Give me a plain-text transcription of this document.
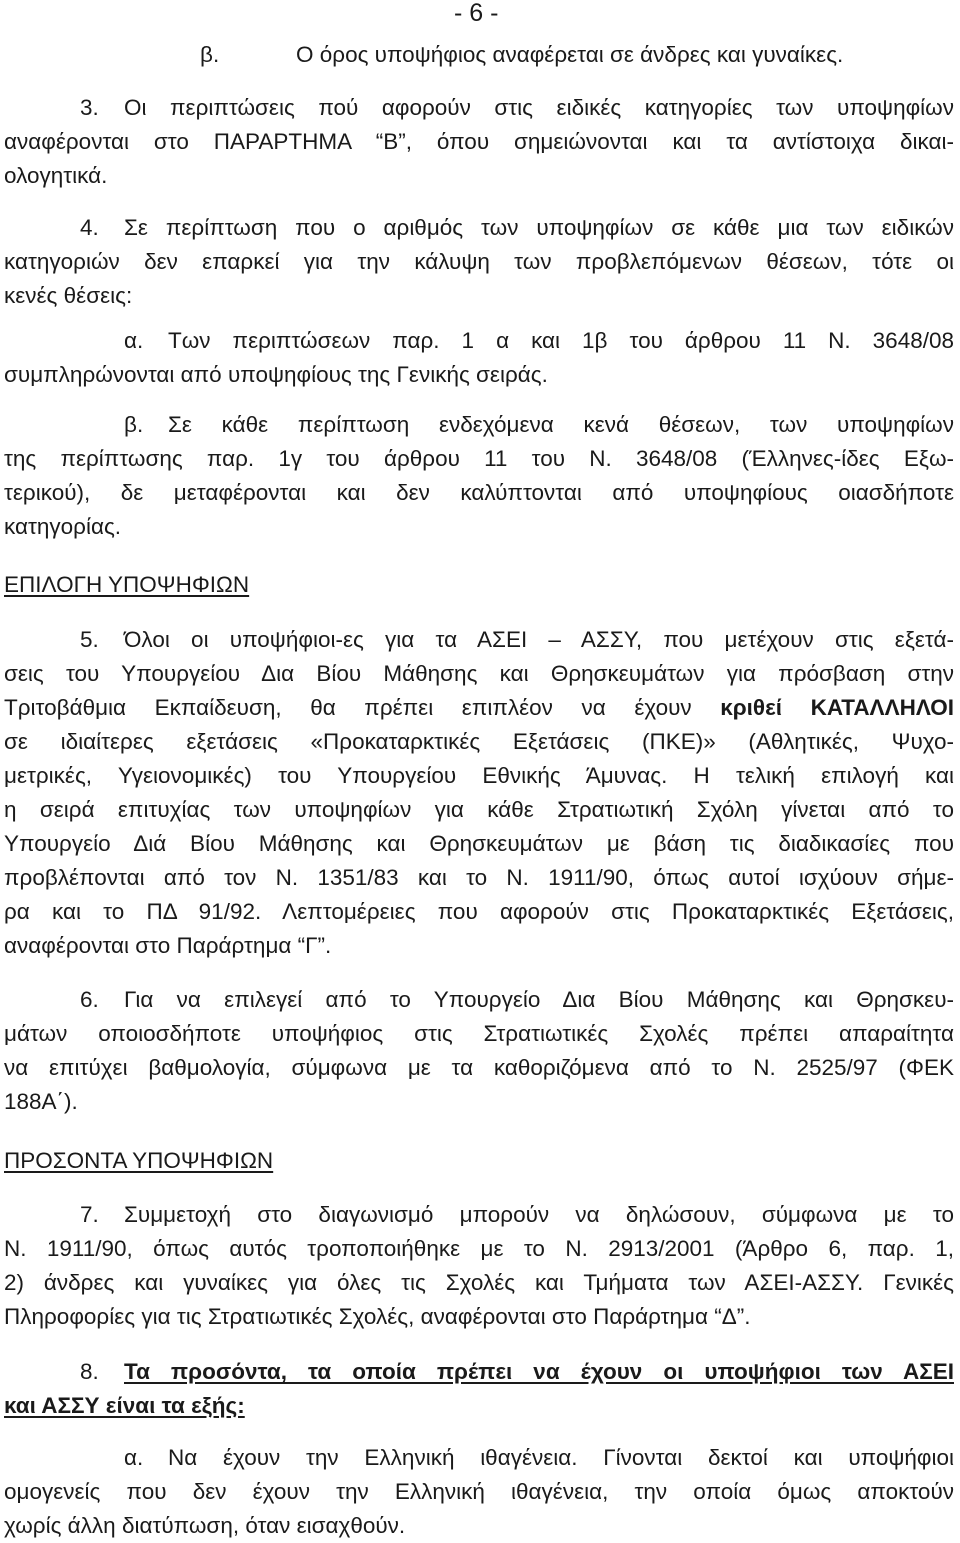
- 6 -
β.	Ο όρος υποψήφιος αναφέρεται σε άνδρες και γυναίκες.
3. Οι περιπτώσεις πού αφορούν στις ειδικές κατηγορίες των υποψηφίων
αναφέρονται στο ΠΑΡΑΡΤΗΜΑ “Β”, όπου σημειώνονται και τα αντίστοιχα δικαι-
ολογητικά.
4. Σε περίπτωση που ο αριθμός των υποψηφίων σε κάθε μια των ειδικών
κατηγοριών δεν επαρκεί για την κάλυψη των προβλεπόμενων θέσεων, τότε οι
κενές θέσεις:
α. Των περιπτώσεων παρ. 1 α και 1β του άρθρου 11 Ν. 3648/08
συμπληρώνονται από υποψηφίους της Γενικής σειράς.
β. Σε κάθε περίπτωση ενδεχόμενα κενά θέσεων, των υποψηφίων
της περίπτωσης παρ. 1γ του άρθρου 11 του Ν. 3648/08 (Έλληνες-ίδες Εξω-
τερικού), δε μεταφέρονται και δεν καλύπτονται από υποψηφίους οιασδήποτε
κατηγορίας.
ΕΠΙΛΟΓΗ ΥΠΟΨΗΦΙΩΝ
5. Όλοι οι υποψήφιοι-ες για τα ΑΣΕΙ – ΑΣΣΥ, που μετέχουν στις εξετά-
σεις του Υπουργείου Δια Βίου Μάθησης και Θρησκευμάτων για πρόσβαση στην
Τριτοβάθμια Εκπαίδευση, θα πρέπει επιπλέον να έχουν κριθεί ΚΑΤΑΛΛΗΛΟΙ
σε ιδιαίτερες εξετάσεις «Προκαταρκτικές Εξετάσεις (ΠΚΕ)» (Αθλητικές, Ψυχο-
μετρικές, Υγειονομικές) του Υπουργείου Εθνικής Άμυνας. Η τελική επιλογή και
η σειρά επιτυχίας των υποψηφίων για κάθε Στρατιωτική Σχόλη γίνεται από το
Υπουργείο Διά Βίου Μάθησης και Θρησκευμάτων με βάση τις διαδικασίες που
προβλέπονται από τον Ν. 1351/83 και το Ν. 1911/90, όπως αυτοί ισχύουν σήμε-
ρα και το ΠΔ 91/92. Λεπτομέρειες που αφορούν στις Προκαταρκτικές Εξετάσεις,
αναφέρονται στο Παράρτημα “Γ”.
6. Για να επιλεγεί από το Υπουργείο Δια Βίου Μάθησης και Θρησκευ-
μάτων οποιοσδήποτε υποψήφιος στις Στρατιωτικές Σχολές πρέπει απαραίτητα
να επιτύχει βαθμολογία, σύμφωνα με τα καθοριζόμενα από το Ν. 2525/97 (ΦΕΚ
188Α΄).
ΠΡΟΣΟΝΤΑ ΥΠΟΨΗΦΙΩΝ
7. Συμμετοχή στο διαγωνισμό μπορούν να δηλώσουν, σύμφωνα με το
Ν. 1911/90, όπως αυτός τροποποιήθηκε με το Ν. 2913/2001 (Άρθρο 6, παρ. 1,
2) άνδρες και γυναίκες για όλες τις Σχολές και Τμήματα των ΑΣΕΙ-ΑΣΣΥ. Γενικές
Πληροφορίες για τις Στρατιωτικές Σχολές, αναφέρονται στο Παράρτημα “Δ”.
8. Τα προσόντα, τα οποία πρέπει να έχουν οι υποψήφιοι των ΑΣΕΙ
και ΑΣΣΥ είναι τα εξής:
α. Να έχουν την Ελληνική ιθαγένεια. Γίνονται δεκτοί και υποψήφιοι
ομογενείς που δεν έχουν την Ελληνική ιθαγένεια, την οποία όμως αποκτούν
χωρίς άλλη διατύπωση, όταν εισαχθούν.
